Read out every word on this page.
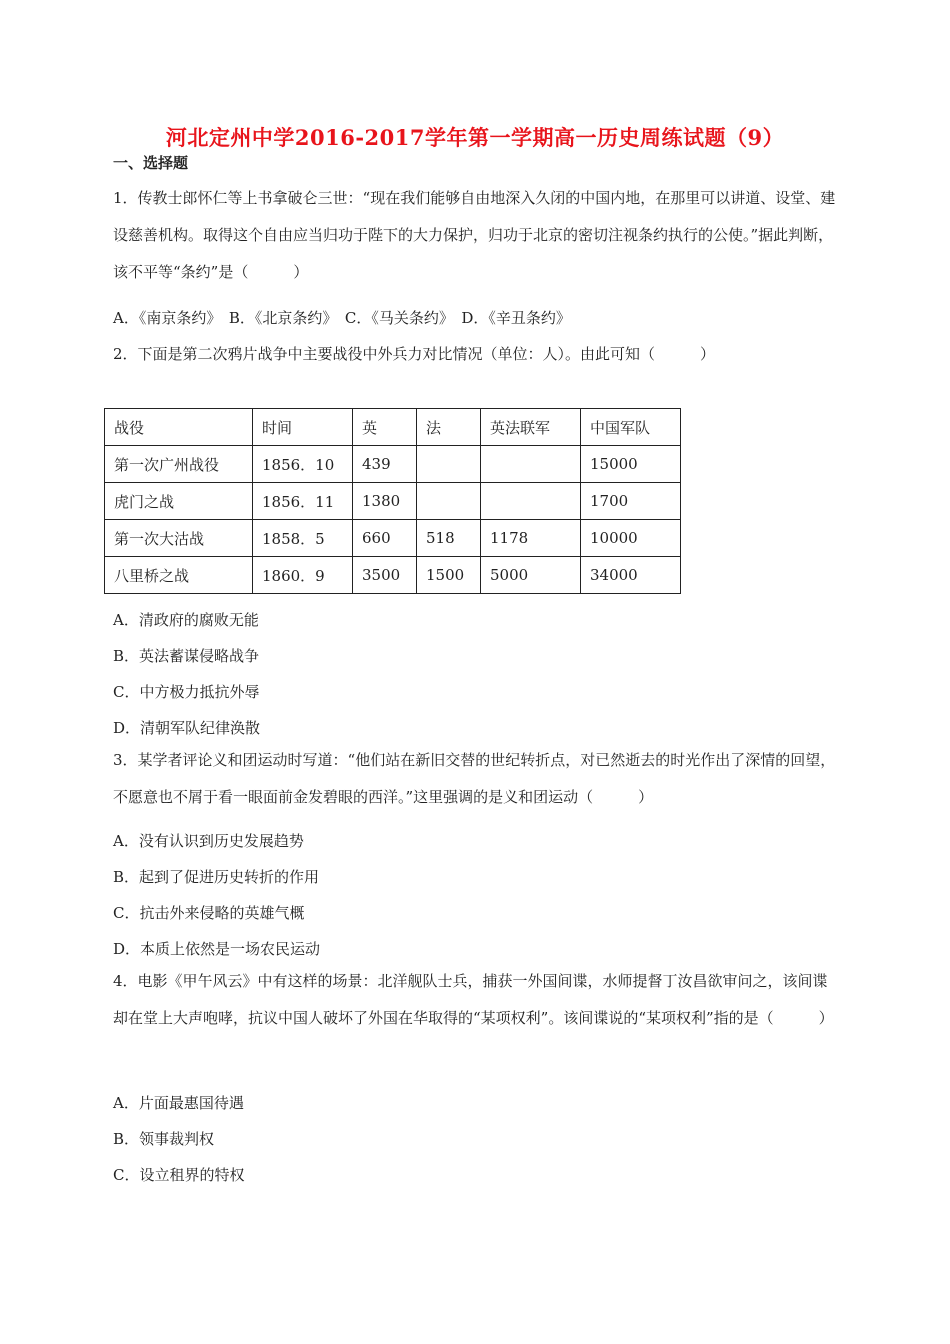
河北定州中学2016-2017学年第一学期高一历史周练试题（9）
一、选择题
1．传教士郎怀仁等上书拿破仑三世：“现在我们能够自由地深入久闭的中国内地，在那里可以讲道、设堂、建设慈善机构。取得这个自由应当归功于陛下的大力保护，归功于北京的密切注视条约执行的公使。”据此判断，该不平等“条约”是（　　　）
A．《南京条约》　B．《北京条约》　C．《马关条约》　D．《辛丑条约》
2．下面是第二次鸦片战争中主要战役中外兵力对比情况（单位：人）。由此可知（　　　）
战役	时间	英	法	英法联军	中国军队
第一次广州战役	1856．10	439			15000
虎门之战	1856．11	1380			1700
第一次大沽战	1858．5	660	518	1178	10000
八里桥之战	1860．9	3500	1500	5000	34000
A．清政府的腐败无能
B．英法蓄谋侵略战争
C．中方极力抵抗外辱
D．清朝军队纪律涣散
3．某学者评论义和团运动时写道：“他们站在新旧交替的世纪转折点，对已然逝去的时光作出了深情的回望，不愿意也不屑于看一眼面前金发碧眼的西洋。”这里强调的是义和团运动（　　　）
A．没有认识到历史发展趋势
B．起到了促进历史转折的作用
C．抗击外来侵略的英雄气概
D．本质上依然是一场农民运动
4．电影《甲午风云》中有这样的场景：北洋舰队士兵，捕获一外国间谍，水师提督丁汝昌欲审问之，该间谍却在堂上大声咆哮，抗议中国人破坏了外国在华取得的“某项权利”。该间谍说的“某项权利”指的是（　　　）
A．片面最惠国待遇
B．领事裁判权
C．设立租界的特权
